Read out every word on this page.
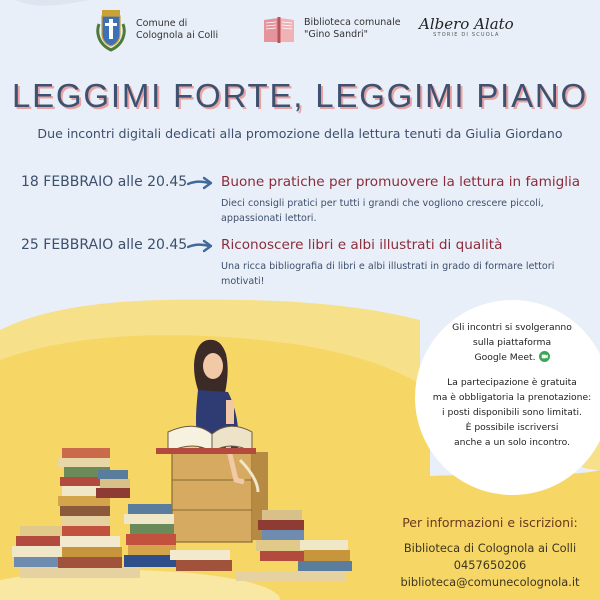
Comune di
Colognola ai Colli
Biblioteca comunale
"Gino Sandri"
Albero Alato
STORIE DI SCUOLA
LEGGIMI FORTE, LEGGIMI PIANO
Due incontri digitali dedicati alla promozione della lettura tenuti da Giulia Giordano
18 FEBBRAIO alle 20.45 Buone pratiche per promuovere la lettura in famiglia
Dieci consigli pratici per tutti i grandi che vogliono crescere piccoli, appassionati lettori.
25 FEBBRAIO alle 20.45 Riconoscere libri e albi illustrati di qualità
Una ricca bibliografia di libri e albi illustrati in grado di formare lettori motivati!
Gli incontri si svolgeranno
sulla piattaforma
Google Meet.
La partecipazione è gratuita
ma è obbligatoria la prenotazione:
i posti disponibili sono limitati.
È possibile iscriversi
anche a un solo incontro.
Per informazioni e iscrizioni:
Biblioteca di Colognola ai Colli
0457650206
biblioteca@comunecolognola.it
